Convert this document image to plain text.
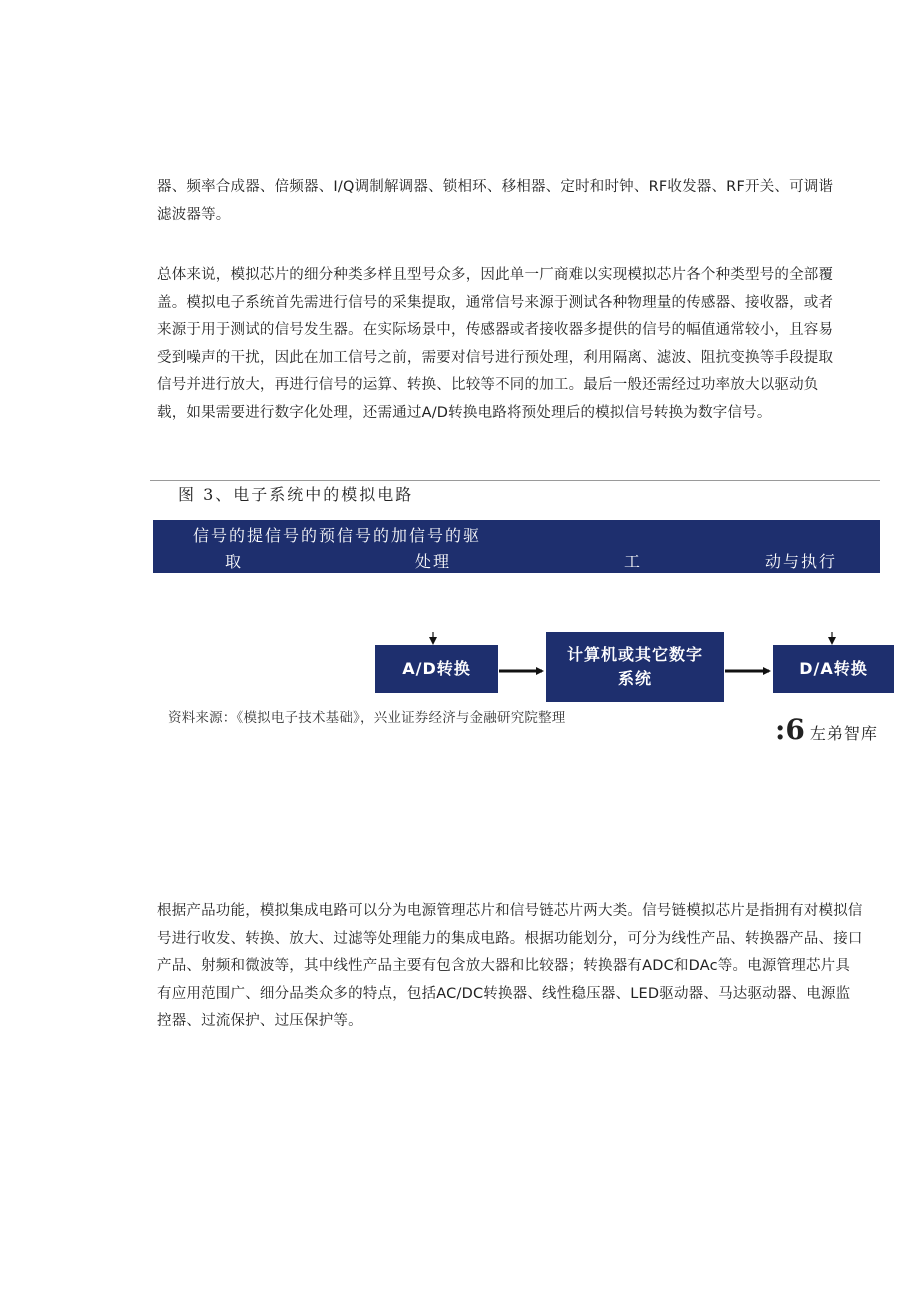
器、频率合成器、倍频器、I/Q调制解调器、锁相环、移相器、定时和时钟、RF收发器、RF开关、可调谐
滤波器等。

总体来说，模拟芯片的细分种类多样且型号众多，因此单一厂商难以实现模拟芯片各个种类型号的全部覆
盖。模拟电子系统首先需进行信号的采集提取，通常信号来源于测试各种物理量的传感器、接收器，或者
来源于用于测试的信号发生器。在实际场景中，传感器或者接收器多提供的信号的幅值通常较小，且容易
受到噪声的干扰，因此在加工信号之前，需要对信号进行预处理，利用隔离、滤波、阻抗变换等手段提取
信号并进行放大，再进行信号的运算、转换、比较等不同的加工。最后一般还需经过功率放大以驱动负
载，如果需要进行数字化处理，还需通过A/D转换电路将预处理后的模拟信号转换为数字信号。

图 3、电子系统中的模拟电路
信号的提信号的预信号的加信号的驱
取	处理	工	动与执行
A/D转换
计算机或其它数字系统
D/A转换
资料来源：《模拟电子技术基础》，兴业证券经济与金融研究院整理	:6 左弟智库

根据产品功能，模拟集成电路可以分为电源管理芯片和信号链芯片两大类。信号链模拟芯片是指拥有对模拟信
号进行收发、转换、放大、过滤等处理能力的集成电路。根据功能划分，可分为线性产品、转换器产品、接口
产品、射频和微波等，其中线性产品主要有包含放大器和比较器；转换器有ADC和DAc等。电源管理芯片具
有应用范围广、细分品类众多的特点，包括AC/DC转换器、线性稳压器、LED驱动器、马达驱动器、电源监
控器、过流保护、过压保护等。
